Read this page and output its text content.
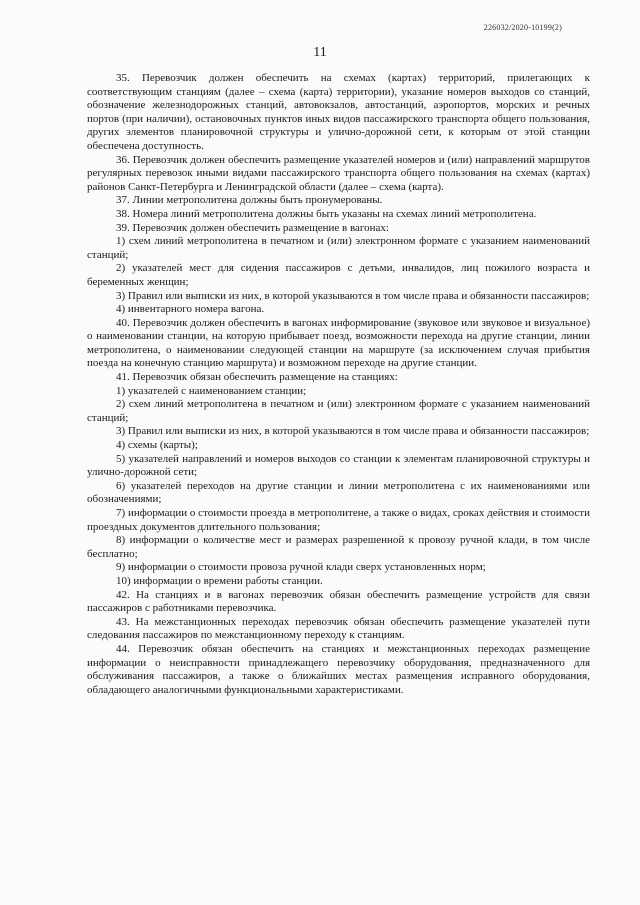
226032/2020-10199(2)
11

35. Перевозчик должен обеспечить на схемах (картах) территорий, прилегающих к соответствующим станциям (далее – схема (карта) территории), указание номеров выходов со станций, обозначение железнодорожных станций, автовокзалов, автостанций, аэропортов, морских и речных портов (при наличии), остановочных пунктов иных видов пассажирского транспорта общего пользования, других элементов планировочной структуры и улично-дорожной сети, к которым от этой станции обеспечена доступность.

36. Перевозчик должен обеспечить размещение указателей номеров и (или) направлений маршрутов регулярных перевозок иными видами пассажирского транспорта общего пользования на схемах (картах) районов Санкт-Петербурга и Ленинградской области (далее – схема (карта).

37. Линии метрополитена должны быть пронумерованы.

38. Номера линий метрополитена должны быть указаны на схемах линий метрополитена.

39. Перевозчик должен обеспечить размещение в вагонах:

1) схем линий метрополитена в печатном и (или) электронном формате с указанием наименований станций;

2) указателей мест для сидения пассажиров с детьми, инвалидов, лиц пожилого возраста и беременных женщин;

3) Правил или выписки из них, в которой указываются в том числе права и обязанности пассажиров;

4) инвентарного номера вагона.

40. Перевозчик должен обеспечить в вагонах информирование (звуковое или звуковое и визуальное) о наименовании станции, на которую прибывает поезд, возможности перехода на другие станции, линии метрополитена, о наименовании следующей станции на маршруте (за исключением случая прибытия поезда на конечную станцию маршрута) и возможном переходе на другие станции.

41. Перевозчик обязан обеспечить размещение на станциях:

1) указателей с наименованием станции;

2) схем линий метрополитена в печатном и (или) электронном формате с указанием наименований станций;

3) Правил или выписки из них, в которой указываются в том числе права и обязанности пассажиров;

4) схемы (карты);

5) указателей направлений и номеров выходов со станции к элементам планировочной структуры и улично-дорожной сети;

6) указателей переходов на другие станции и линии метрополитена с их наименованиями или обозначениями;

7) информации о стоимости проезда в метрополитене, а также о видах, сроках действия и стоимости проездных документов длительного пользования;

8) информации о количестве мест и размерах разрешенной к провозу ручной клади, в том числе бесплатно;

9) информации о стоимости провоза ручной клади сверх установленных норм;

10) информации о времени работы станции.

42. На станциях и в вагонах перевозчик обязан обеспечить размещение устройств для связи пассажиров с работниками перевозчика.

43. На межстанционных переходах перевозчик обязан обеспечить размещение указателей пути следования пассажиров по межстанционному переходу к станциям.

44. Перевозчик обязан обеспечить на станциях и межстанционных переходах размещение информации о неисправности принадлежащего перевозчику оборудования, предназначенного для обслуживания пассажиров, а также о ближайших местах размещения исправного оборудования, обладающего аналогичными функциональными характеристиками.
